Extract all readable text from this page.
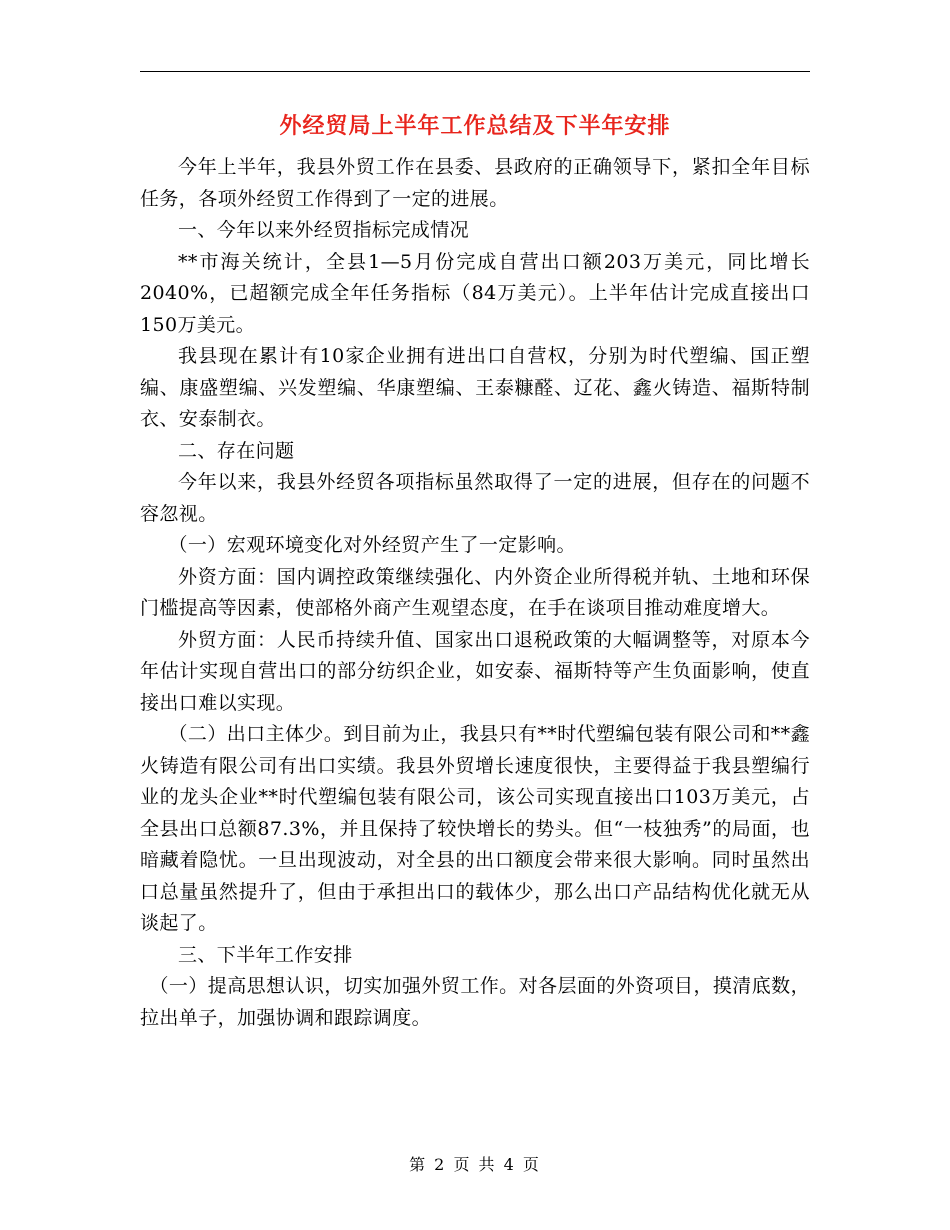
外经贸局上半年工作总结及下半年安排

今年上半年，我县外贸工作在县委、县政府的正确领导下，紧扣全年目标任务，各项外经贸工作得到了一定的进展。

一、今年以来外经贸指标完成情况

**市海关统计，全县1—5月份完成自营出口额203万美元，同比增长2040%，已超额完成全年任务指标（84万美元）。上半年估计完成直接出口150万美元。

我县现在累计有10家企业拥有进出口自营权，分别为时代塑编、国正塑编、康盛塑编、兴发塑编、华康塑编、王泰糠醛、辽花、鑫火铸造、福斯特制衣、安泰制衣。

二、存在问题

今年以来，我县外经贸各项指标虽然取得了一定的进展，但存在的问题不容忽视。

（一）宏观环境变化对外经贸产生了一定影响。

外资方面：国内调控政策继续强化、内外资企业所得税并轨、土地和环保门槛提高等因素，使部格外商产生观望态度，在手在谈项目推动难度增大。

外贸方面：人民币持续升值、国家出口退税政策的大幅调整等，对原本今年估计实现自营出口的部分纺织企业，如安泰、福斯特等产生负面影响，使直接出口难以实现。

（二）出口主体少。到目前为止，我县只有**时代塑编包装有限公司和**鑫火铸造有限公司有出口实绩。我县外贸增长速度很快，主要得益于我县塑编行业的龙头企业**时代塑编包装有限公司，该公司实现直接出口103万美元，占全县出口总额87.3%，并且保持了较快增长的势头。但“一枝独秀”的局面，也暗藏着隐忧。一旦出现波动，对全县的出口额度会带来很大影响。同时虽然出口总量虽然提升了，但由于承担出口的载体少，那么出口产品结构优化就无从谈起了。

三、下半年工作安排

（一）提高思想认识，切实加强外贸工作。对各层面的外资项目，摸清底数，拉出单子，加强协调和跟踪调度。

第 2 页 共 4 页
